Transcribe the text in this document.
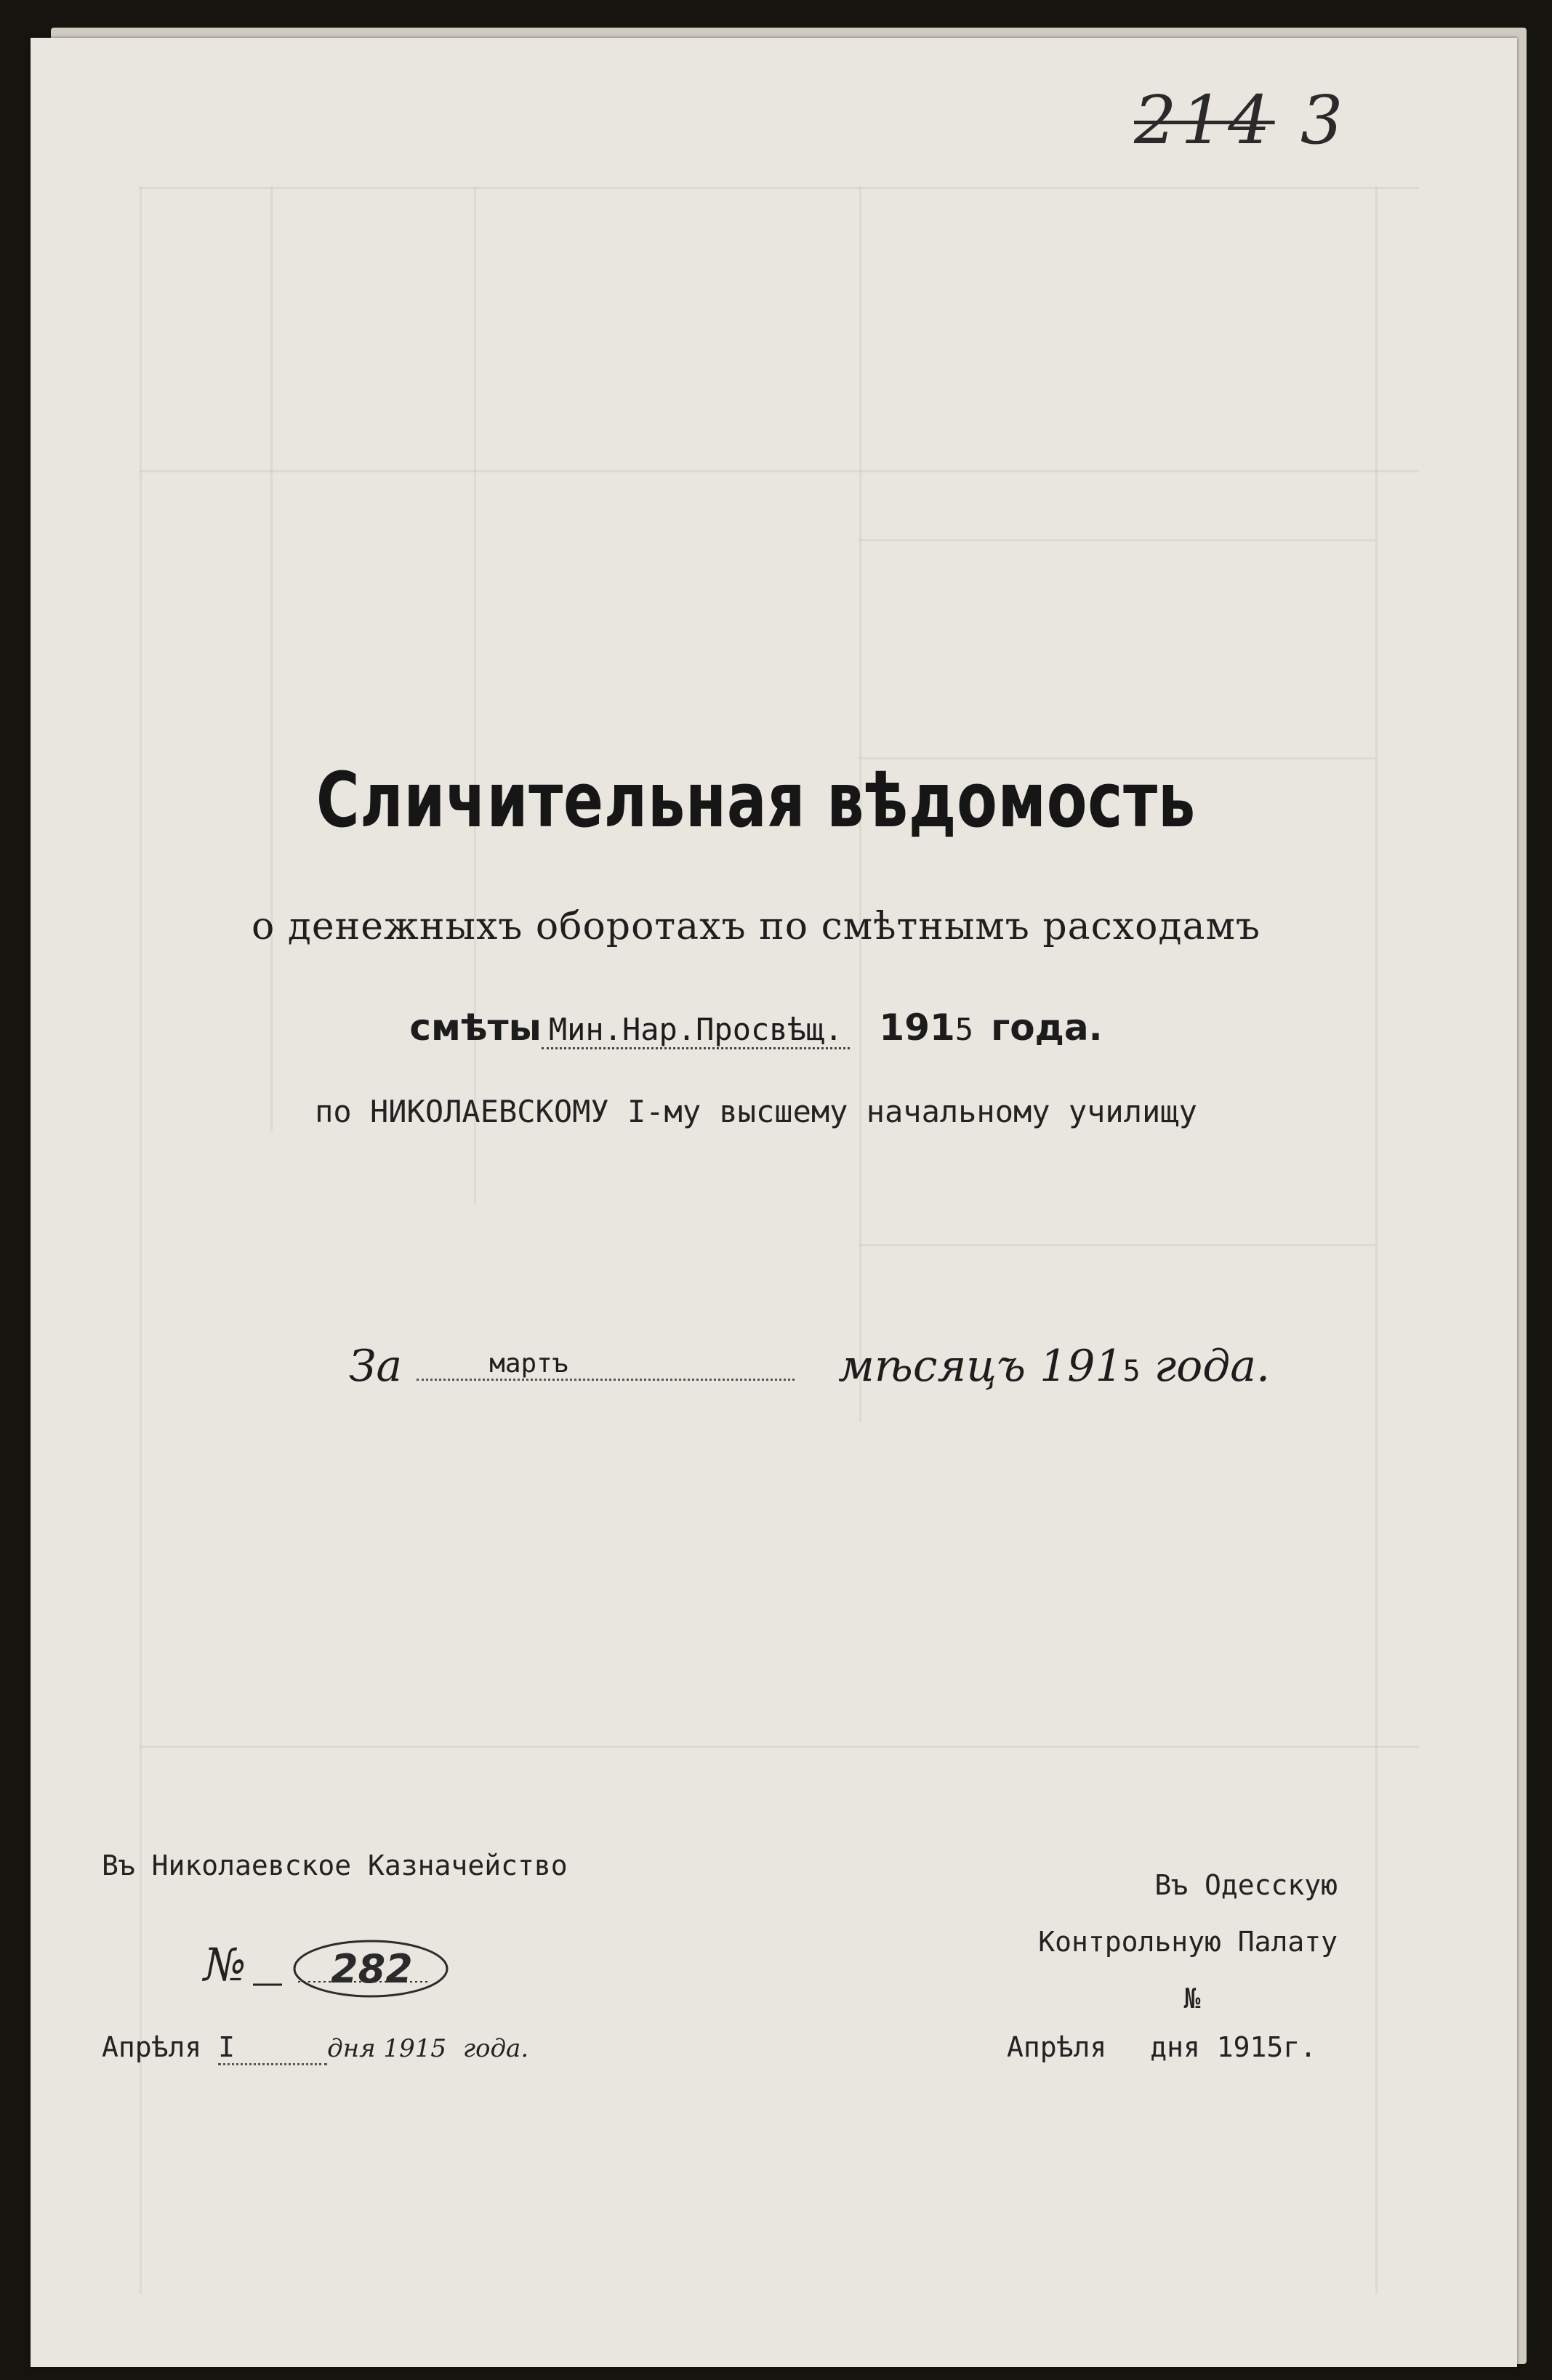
214 3
Сличительная вѣдомость
о денежныхъ оборотахъ по смѣтнымъ расходамъ
смѣты Мин.Нар.Просвѣщ. 1915 года.
по НИКОЛАЕВСКОМУ I-му высшему начальному училищу
За	мартъ	мѣсяцъ 1915 года.
Въ Николаевское Казначейство
№ 282
Апрѣля I	дня 1915 года.
Въ Одесскую
Контрольную Палату
№
Апрѣля дня 1915г.
